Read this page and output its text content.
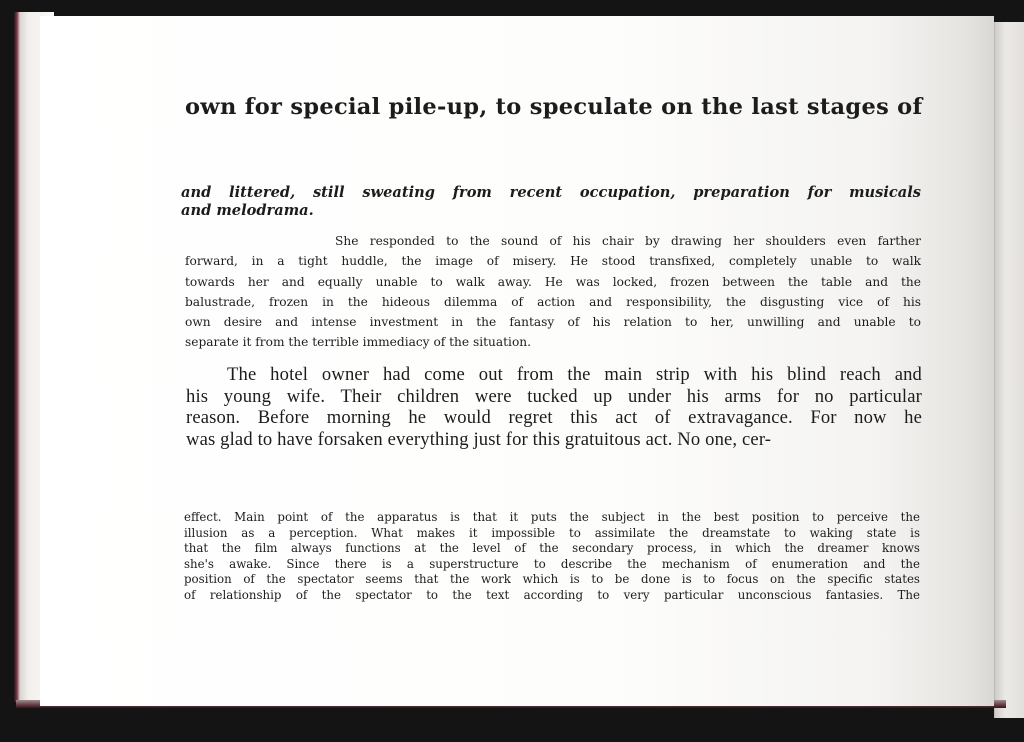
own for special pile-up, to speculate on the last stages of
and littered, still sweating from recent occupation, preparation for musicals
and melodrama.
She responded to the sound of his chair by drawing her shoulders even farther
forward, in a tight huddle, the image of misery. He stood transfixed, completely unable to walk
towards her and equally unable to walk away. He was locked, frozen between the table and the
balustrade, frozen in the hideous dilemma of action and responsibility, the disgusting vice of his
own desire and intense investment in the fantasy of his relation to her, unwilling and unable to
separate it from the terrible immediacy of the situation.
The hotel owner had come out from the main strip with his blind reach and
his young wife. Their children were tucked up under his arms for no particular
reason. Before morning he would regret this act of extravagance. For now he
was glad to have forsaken everything just for this gratuitous act. No one, cer-
effect. Main point of the apparatus is that it puts the subject in the best position to perceive the
illusion as a perception. What makes it impossible to assimilate the dreamstate to waking state is
that the film always functions at the level of the secondary process, in which the dreamer knows
she's awake. Since there is a superstructure to describe the mechanism of enumeration and the
position of the spectator seems that the work which is to be done is to focus on the specific states
of relationship of the spectator to the text according to very particular unconscious fantasies. The
